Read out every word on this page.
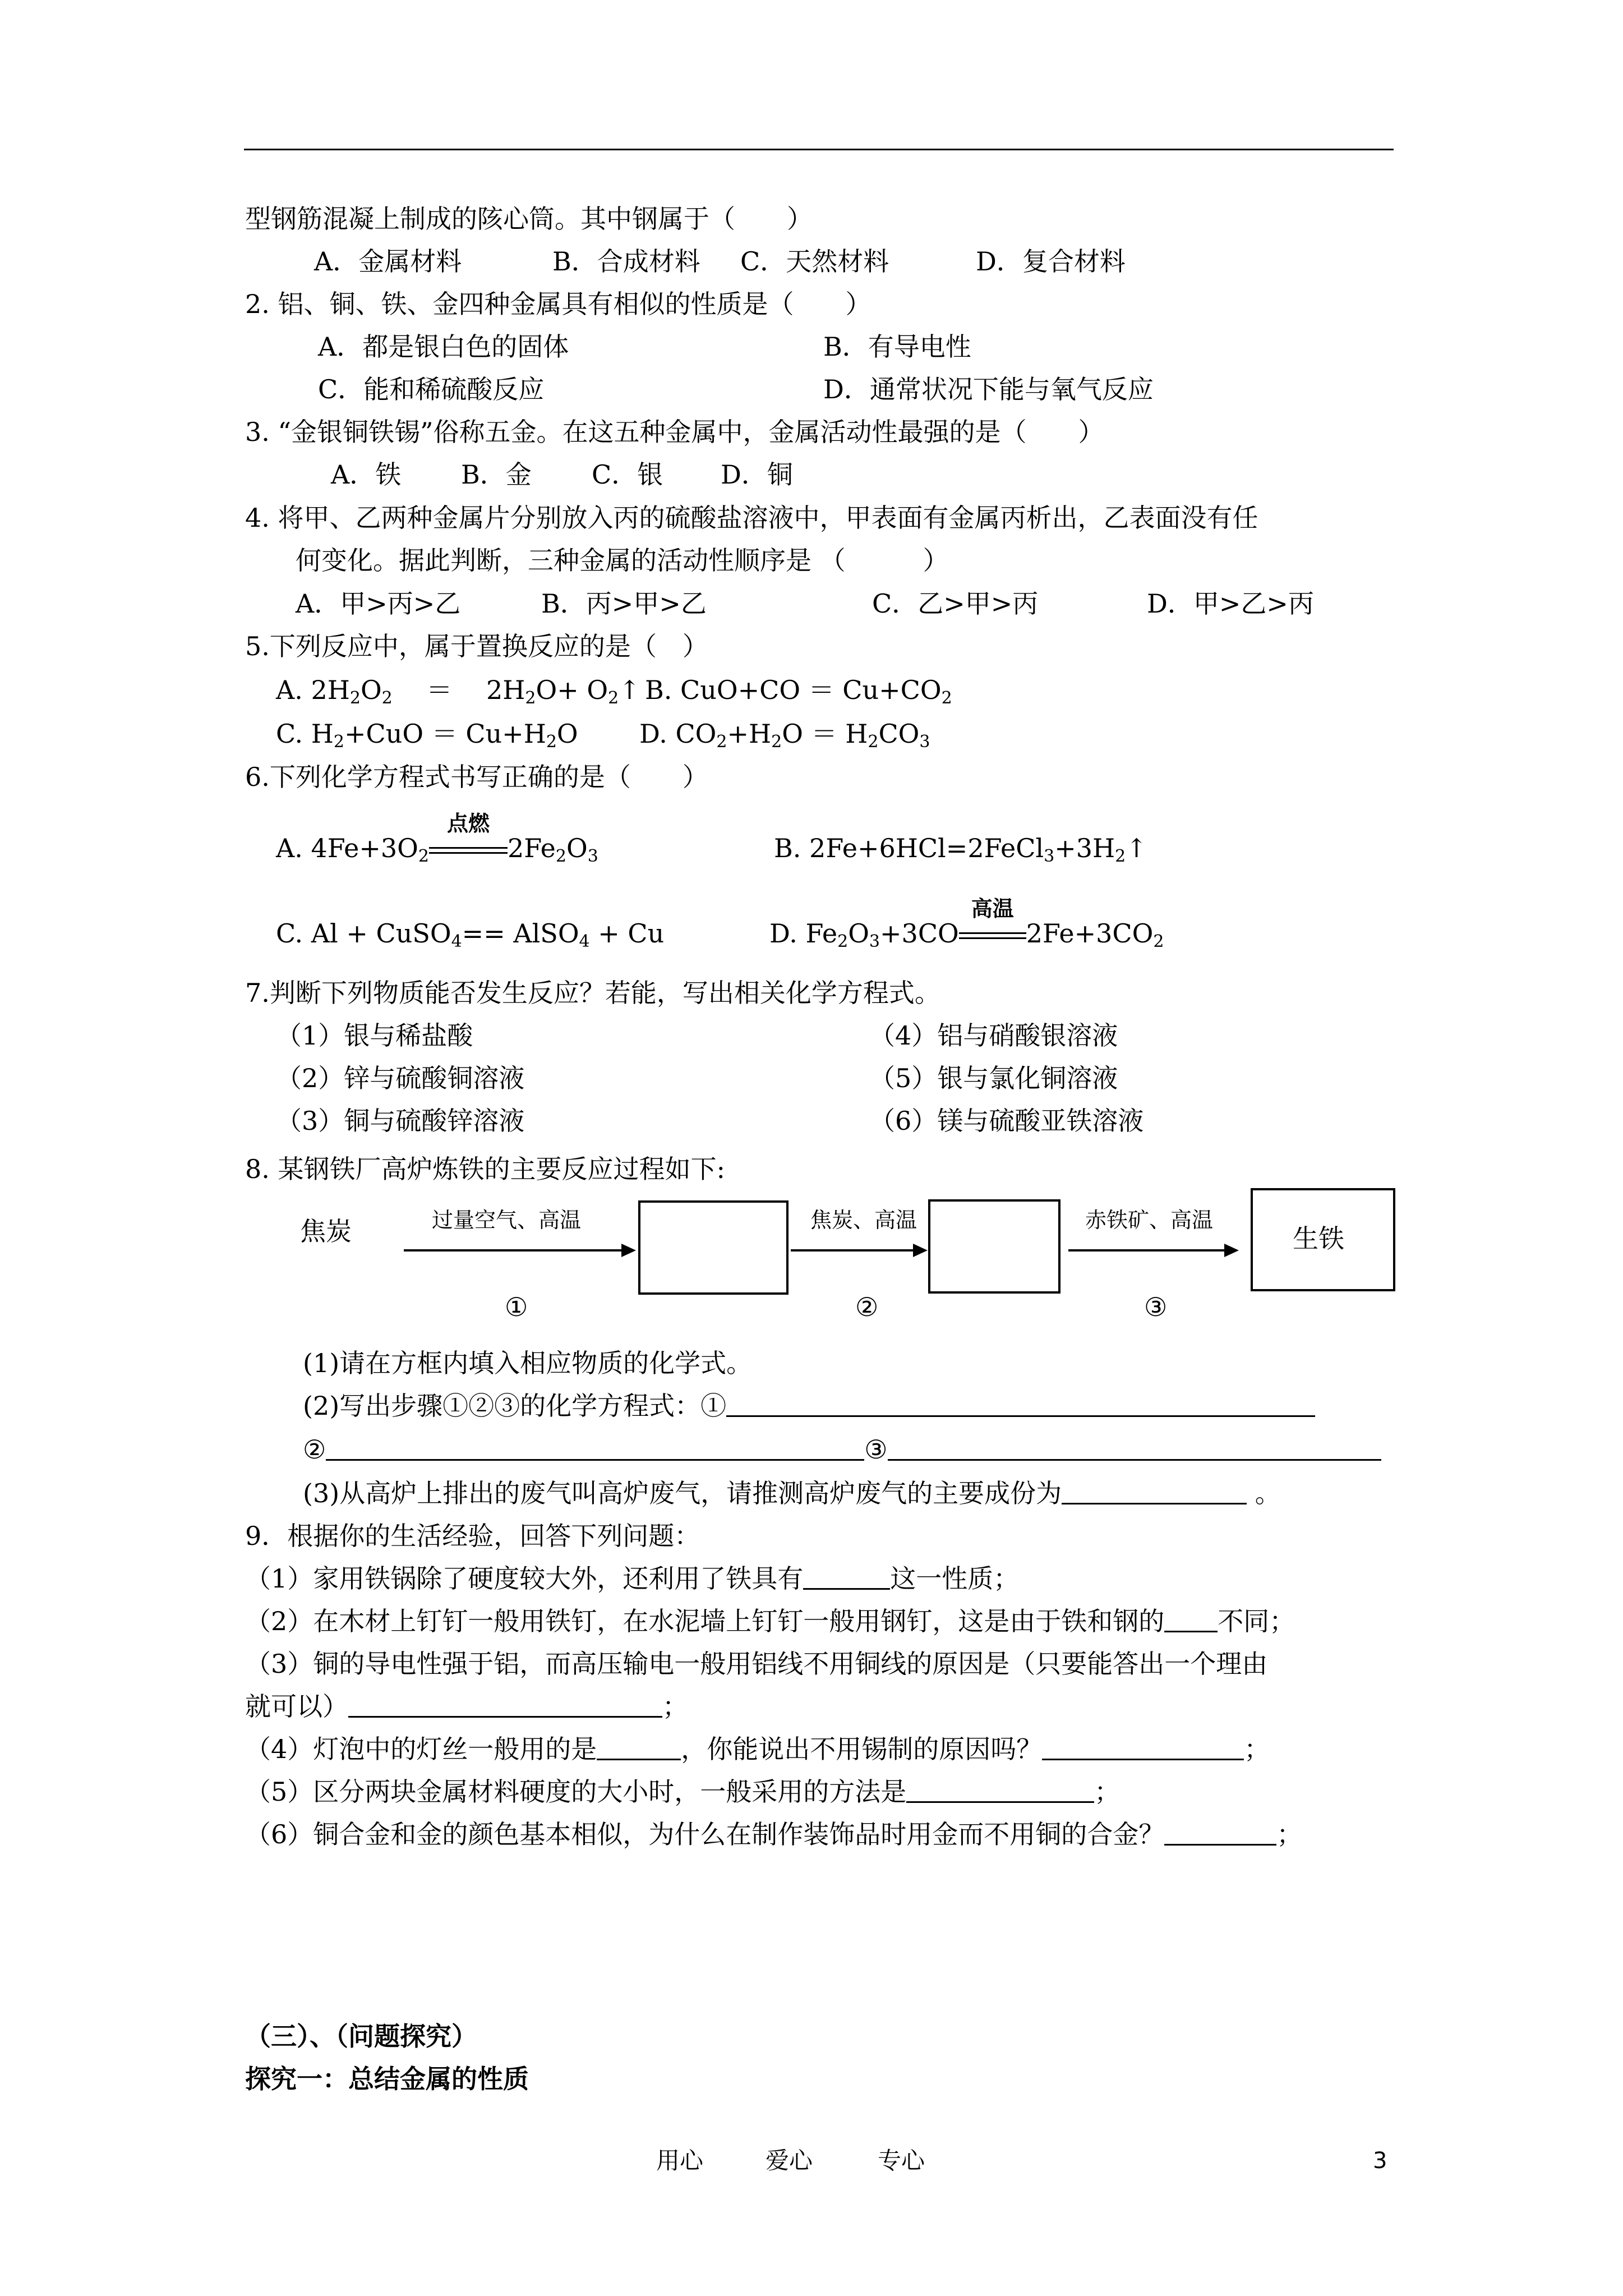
型钢筋混凝上制成的陔心筒。其中钢属于（　　）
A．金属材料	B．合成材料 C．天然材料	D．复合材料
2. 铝、铜、铁、金四种金属具有相似的性质是（　　）
A．都是银白色的固体	B．有导电性
C．能和稀硫酸反应	D．通常状况下能与氧气反应
3. “金银铜铁锡”俗称五金。在这五种金属中，金属活动性最强的是（　　）
A．铁 B．金 C．银 D．铜
4. 将甲、乙两种金属片分别放入丙的硫酸盐溶液中，甲表面有金属丙析出，乙表面没有任
何变化。据此判断，三种金属的活动性顺序是 （　　　）
A．甲>丙>乙	B．丙>甲>乙	C．乙>甲>丙	D．甲>乙>丙
5.下列反应中，属于置换反应的是（　）
A. $2H_2O_2$　 ＝　 $2H_2O+$ $O_2↑$ B. $CuO+CO = Cu+CO_2$
C. $H_2+CuO = Cu+H_2O$ D. $CO_2+H_2O = H_2CO_3$
6.下列化学方程式书写正确的是（　　）
A. $4Fe+3O_2$
点燃
$2Fe_2O_3$	B. $2Fe+6HCl=2FeCl_3+3H_2↑$
C. Al + CuSO$_4$== AlSO$_4$ + Cu	D. $Fe_2O_3+3CO$
高温
$2Fe+3CO_2$
7.判断下列物质能否发生反应？若能，写出相关化学方程式。
（1）银与稀盐酸	（4）铝与硝酸银溶液
（2）锌与硫酸铜溶液	（5）银与氯化铜溶液
（3）铜与硫酸锌溶液	（6）镁与硫酸亚铁溶液
8. 某钢铁厂高炉炼铁的主要反应过程如下:
焦炭	过量空气、高温	焦炭、高温	赤铁矿、高温
生铁
①	②	③
(1)请在方框内填入相应物质的化学式。
(2)写出步骤①②③的化学方程式：①
②	③
(3)从高炉上排出的废气叫高炉废气，请推测高炉废气的主要成份为	。
9．根据你的生活经验，回答下列问题：
（1）家用铁锅除了硬度较大外，还利用了铁具有	这一性质；
（2）在木材上钉钉一般用铁钉，在水泥墙上钉钉一般用钢钉，这是由于铁和钢的 不同；
（3）铜的导电性强于铝，而高压输电一般用铝线不用铜线的原因是（只要能答出一个理由
就可以）	；
（4）灯泡中的灯丝一般用的是	，你能说出不用锡制的原因吗？	；
（5）区分两块金属材料硬度的大小时，一般采用的方法是	；
（6）铜合金和金的颜色基本相似，为什么在制作装饰品时用金而不用铜的合金？	；
（三）、（问题探究）
探究一：总结金属的性质
用心	爱心	专心	3
